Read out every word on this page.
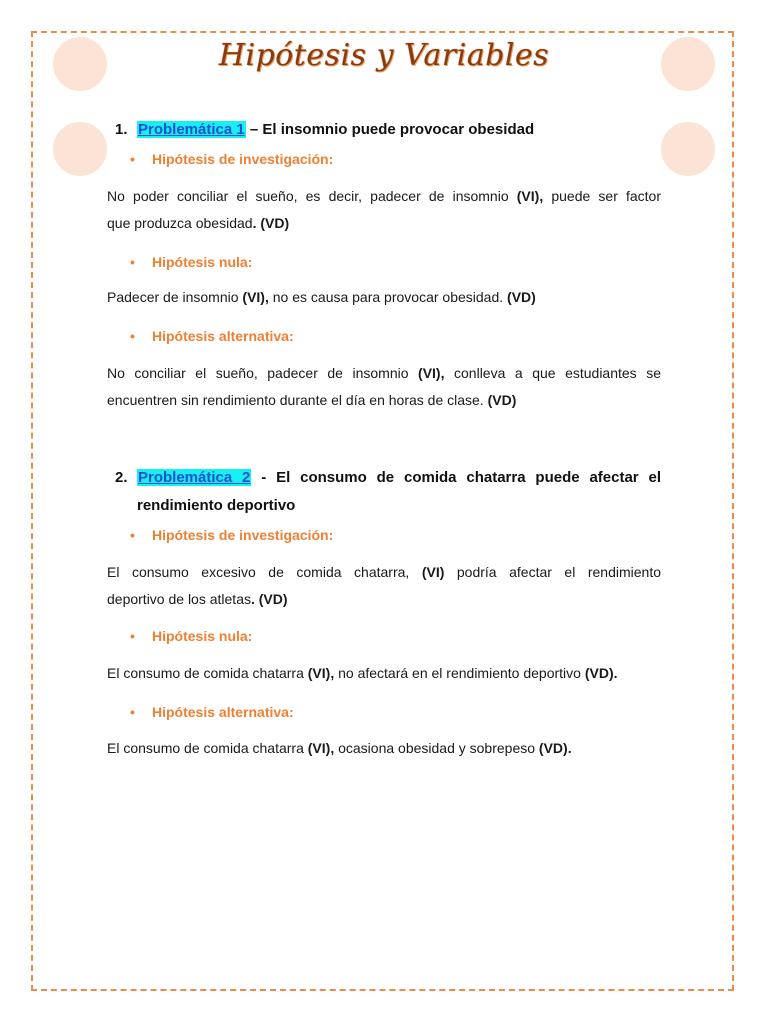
Hipótesis y Variables
1. Problemática 1 – El insomnio puede provocar obesidad
• Hipótesis de investigación:
No poder conciliar el sueño, es decir, padecer de insomnio (VI), puede ser factor
que produzca obesidad. (VD)
• Hipótesis nula:
Padecer de insomnio (VI), no es causa para provocar obesidad. (VD)
• Hipótesis alternativa:
No conciliar el sueño, padecer de insomnio (VI), conlleva a que estudiantes se
encuentren sin rendimiento durante el día en horas de clase. (VD)
2. Problemática 2 - El consumo de comida chatarra puede afectar el
rendimiento deportivo
• Hipótesis de investigación:
El consumo excesivo de comida chatarra, (VI) podría afectar el rendimiento
deportivo de los atletas. (VD)
• Hipótesis nula:
El consumo de comida chatarra (VI), no afectará en el rendimiento deportivo (VD).
• Hipótesis alternativa:
El consumo de comida chatarra (VI), ocasiona obesidad y sobrepeso (VD).
